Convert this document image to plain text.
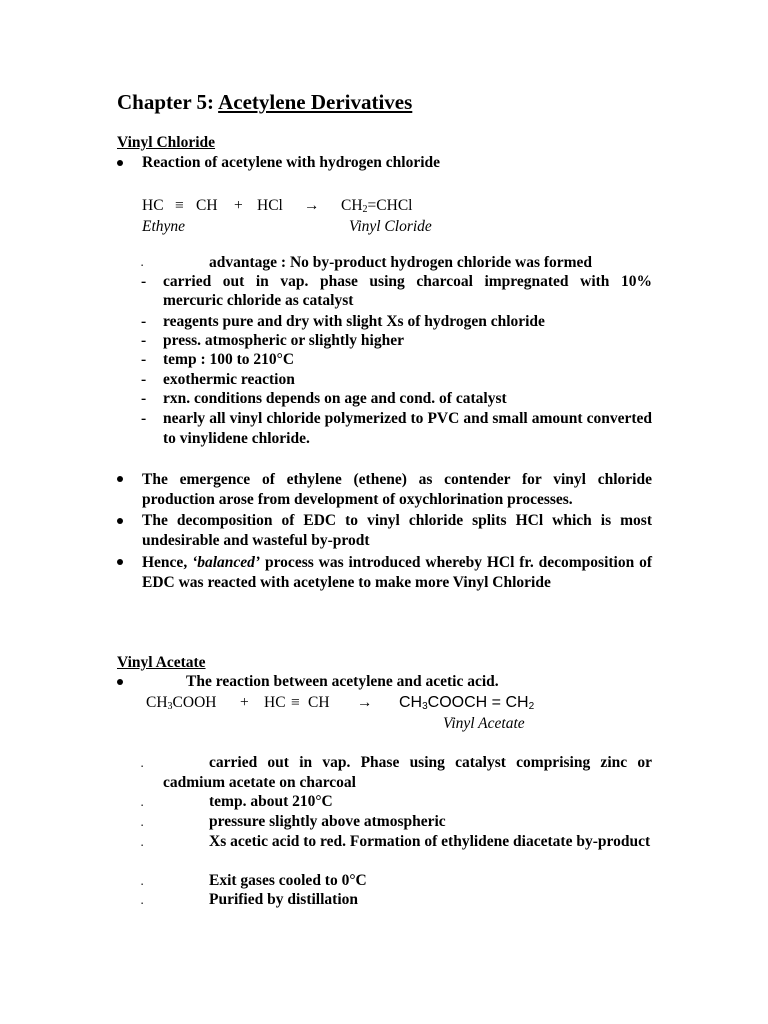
Chapter 5: Acetylene Derivatives
Vinyl Chloride
Reaction of acetylene with hydrogen chloride
HC ≡ CH + HCl → $CH_2=CHCl$
Ethyne	Vinyl Cloride
.	advantage : No by-product hydrogen chloride was formed
- carried out in vap. phase using charcoal impregnated with 10%
mercuric chloride as catalyst
- reagents pure and dry with slight Xs of hydrogen chloride
- press. atmospheric or slightly higher
- temp : 100 to 210°C
- exothermic reaction
- rxn. conditions depends on age and cond. of catalyst
- nearly all vinyl chloride polymerized to PVC and small amount converted to vinylidene chloride.
The emergence of ethylene (ethene) as contender for vinyl chloride production arose from development of oxychlorination processes.
The decomposition of EDC to vinyl chloride splits HCl which is most undesirable and wasteful by-prodt
Hence, ‘balanced’ process was introduced whereby HCl fr. decomposition of EDC was reacted with acetylene to make more Vinyl Chloride
Vinyl Acetate
The reaction between acetylene and acetic acid.
$CH_3COOH$ + HC ≡ CH → $CH_3COOCH = CH_2$
Vinyl Acetate
.	carried out in vap. Phase using catalyst comprising zinc or cadmium acetate on charcoal
.	temp. about 210°C
.	pressure slightly above atmospheric
.	Xs acetic acid to red. Formation of ethylidene diacetate by-product
.	Exit gases cooled to 0°C
.	Purified by distillation
